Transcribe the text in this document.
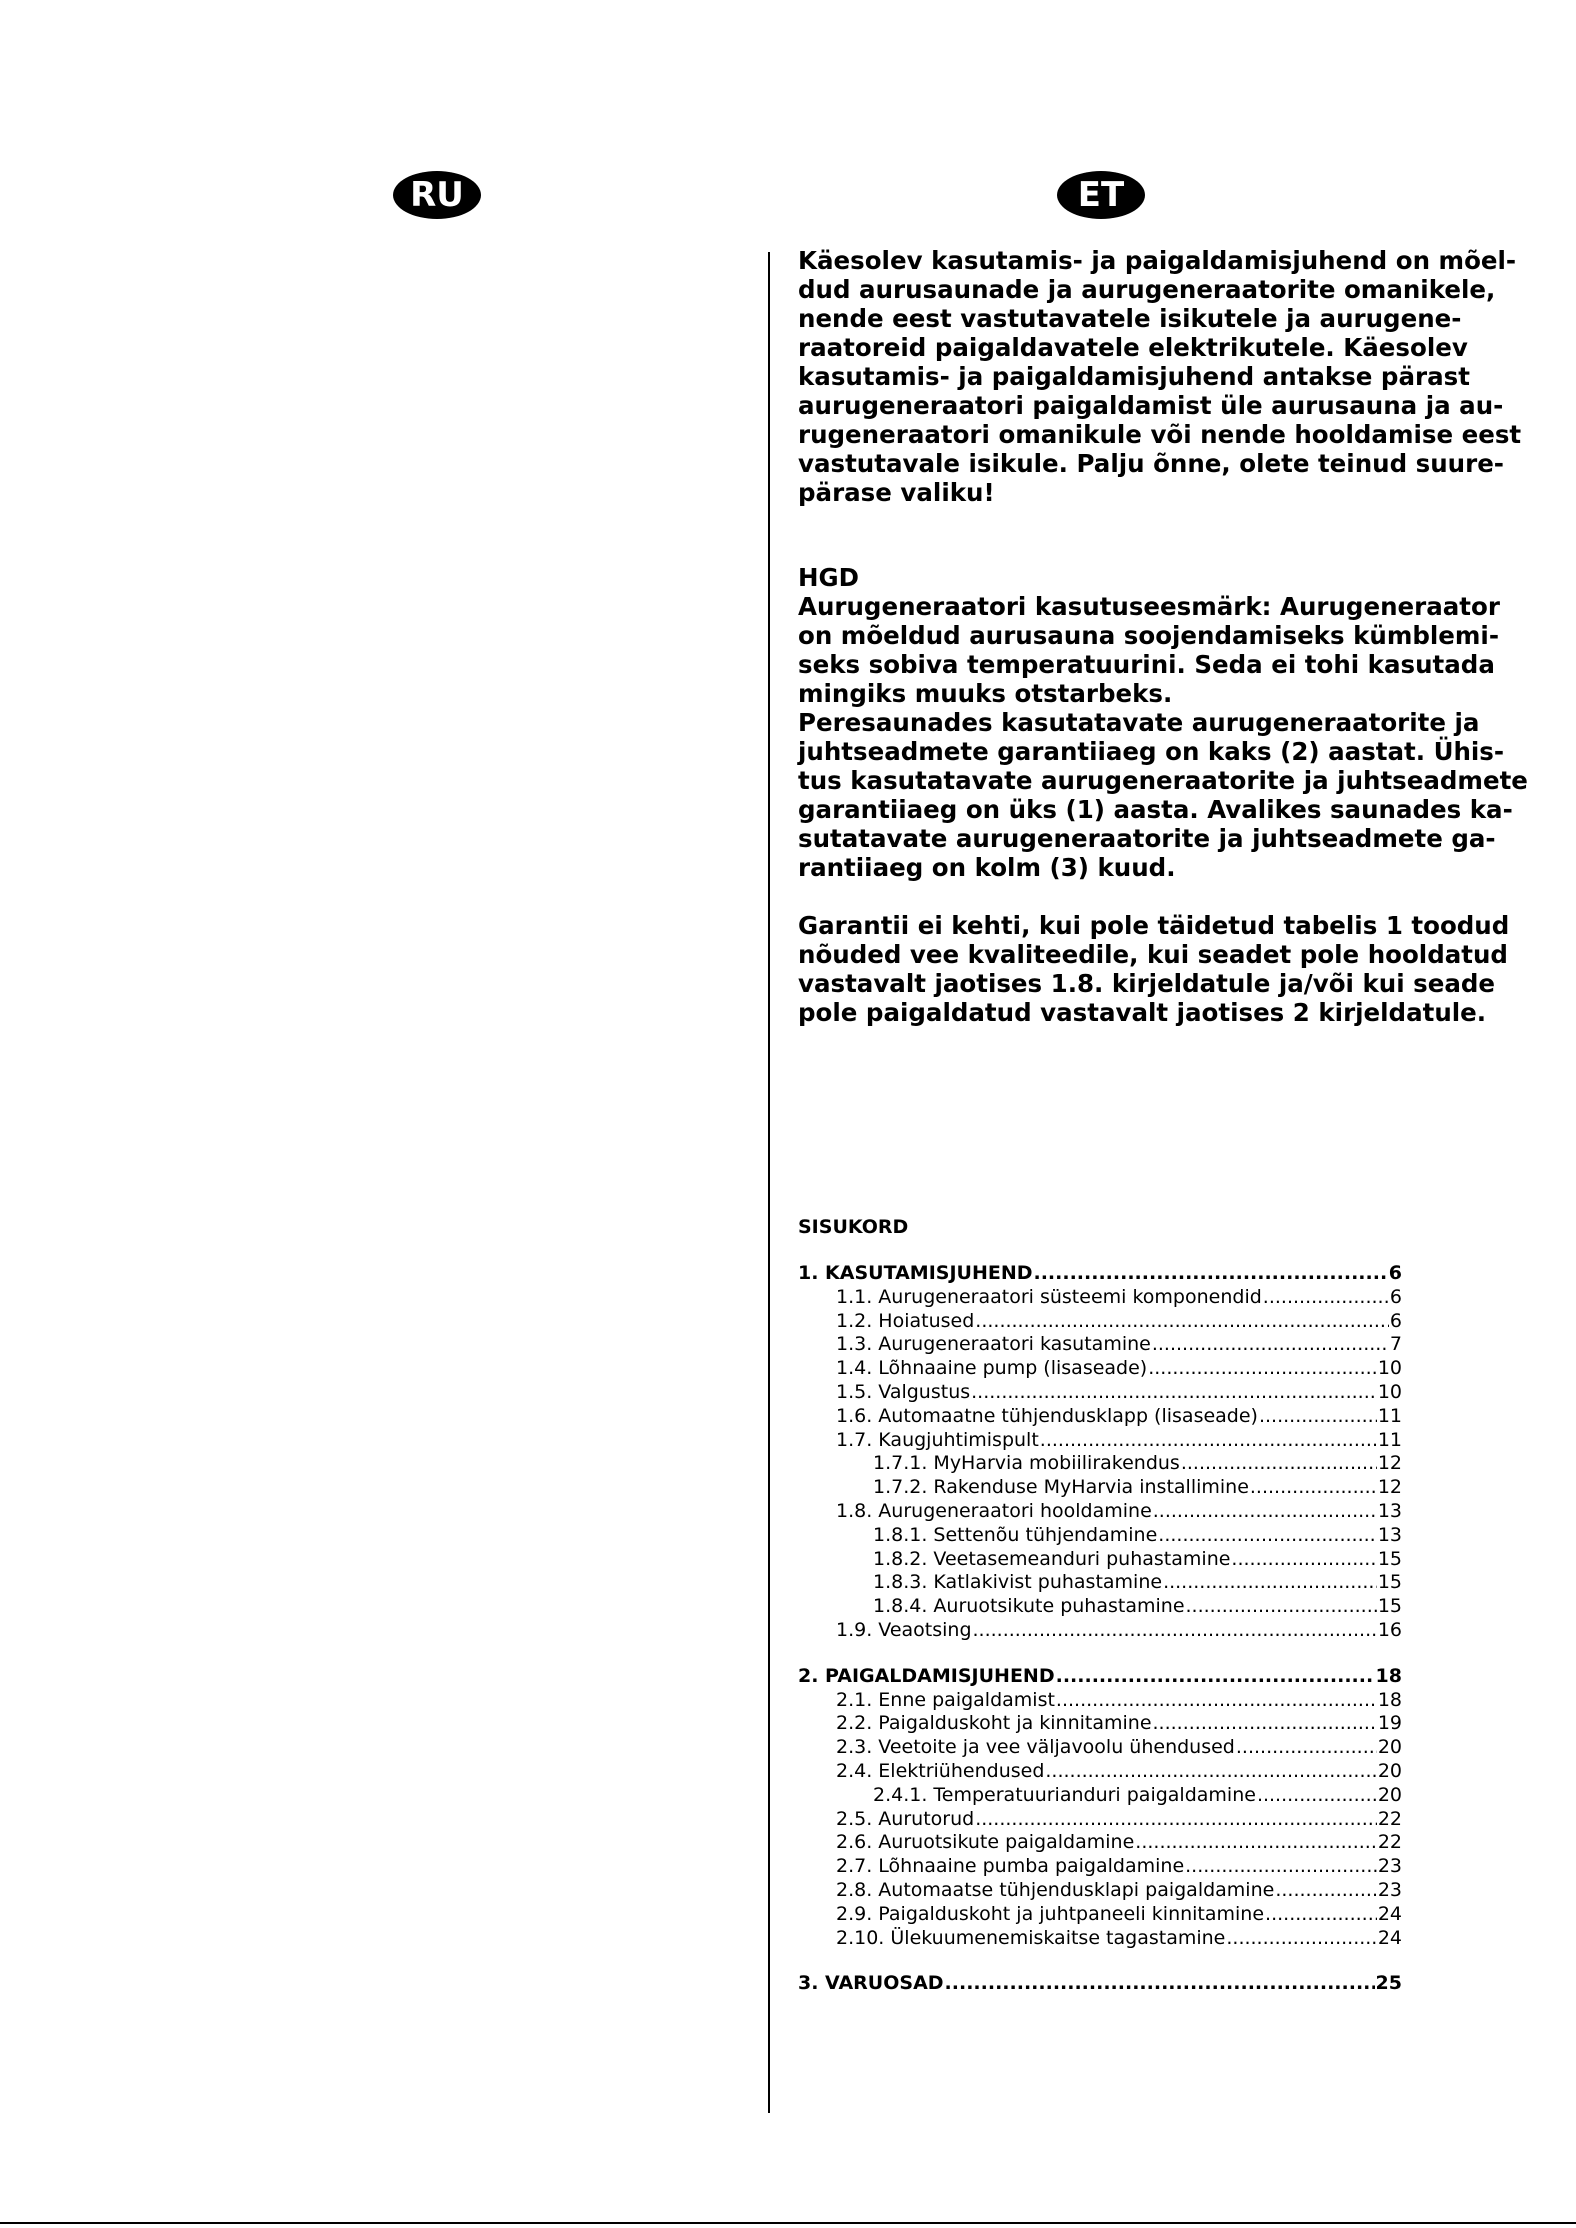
RU	ET
Käesolev kasutamis- ja paigaldamisjuhend on mõel-
dud aurusaunade ja aurugeneraatorite omanikele,
nende eest vastutavatele isikutele ja aurugene-
raatoreid paigaldavatele elektrikutele. Käesolev
kasutamis- ja paigaldamisjuhend antakse pärast
aurugeneraatori paigaldamist üle aurusauna ja au-
rugeneraatori omanikule või nende hooldamise eest
vastutavale isikule. Palju õnne, olete teinud suure-
pärase valiku!
HGD
Aurugeneraatori kasutuseesmärk: Aurugeneraator
on mõeldud aurusauna soojendamiseks kümblemi-
seks sobiva temperatuurini. Seda ei tohi kasutada
mingiks muuks otstarbeks.
Peresaunades kasutatavate aurugeneraatorite ja
juhtseadmete garantiiaeg on kaks (2) aastat. Ühis-
tus kasutatavate aurugeneraatorite ja juhtseadmete
garantiiaeg on üks (1) aasta. Avalikes saunades ka-
sutatavate aurugeneraatorite ja juhtseadmete ga-
rantiiaeg on kolm (3) kuud.
Garantii ei kehti, kui pole täidetud tabelis 1 toodud
nõuded vee kvaliteedile, kui seadet pole hooldatud
vastavalt jaotises 1.8. kirjeldatule ja/või kui seade
pole paigaldatud vastavalt jaotises 2 kirjeldatule.
SISUKORD
1. KASUTAMISJUHEND .....	6
1.1. Aurugeneraatori süsteemi komponendid .....	6
1.2. Hoiatused .....	6
1.3. Aurugeneraatori kasutamine .....	7
1.4. Lõhnaaine pump (lisaseade) .....	10
1.5. Valgustus .....	10
1.6. Automaatne tühjendusklapp (lisaseade) .....	11
1.7. Kaugjuhtimispult .....	11
1.7.1. MyHarvia mobiilirakendus .....	12
1.7.2. Rakenduse MyHarvia installimine .....	12
1.8. Aurugeneraatori hooldamine .....	13
1.8.1. Settenõu tühjendamine .....	13
1.8.2. Veetasemeanduri puhastamine .....	15
1.8.3. Katlakivist puhastamine .....	15
1.8.4. Auruotsikute puhastamine .....	15
1.9. Veaotsing .....	16
2. PAIGALDAMISJUHEND .....	18
2.1. Enne paigaldamist .....	18
2.2. Paigalduskoht ja kinnitamine .....	19
2.3. Veetoite ja vee väljavoolu ühendused .....	20
2.4. Elektriühendused .....	20
2.4.1. Temperatuurianduri paigaldamine .....	20
2.5. Aurutorud .....	22
2.6. Auruotsikute paigaldamine .....	22
2.7. Lõhnaaine pumba paigaldamine .....	23
2.8. Automaatse tühjendusklapi paigaldamine .....	23
2.9. Paigalduskoht ja juhtpaneeli kinnitamine .....	24
2.10. Ülekuumenemiskaitse tagastamine .....	24
3. VARUOSAD .....	25
